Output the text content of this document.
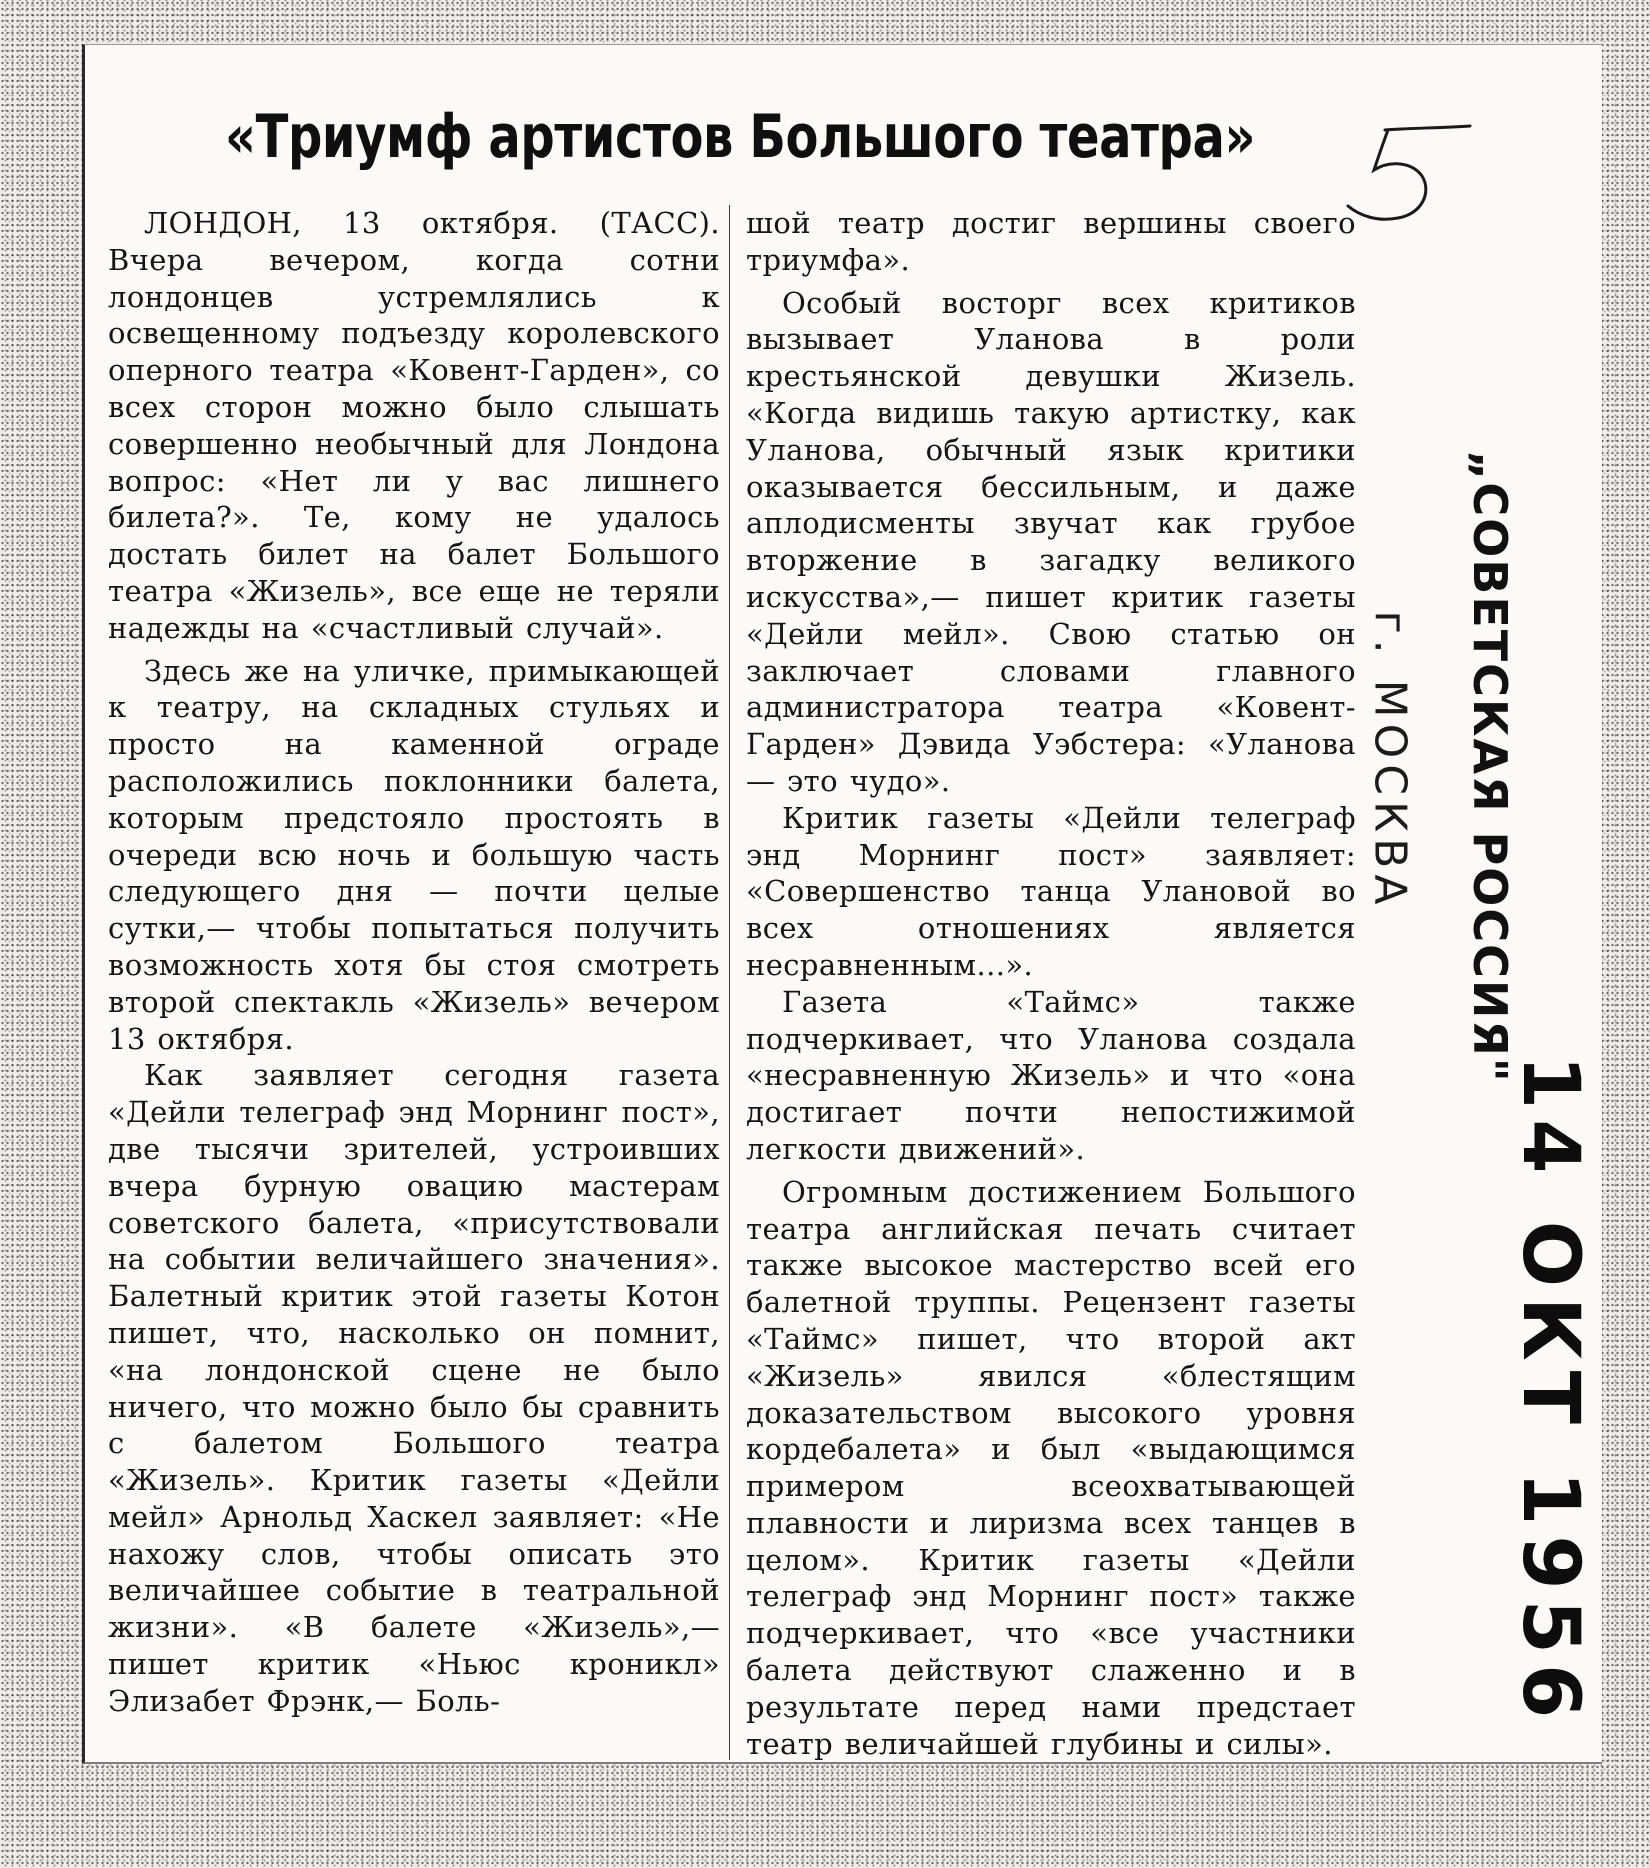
«Триумф артистов Большого театра»

ЛОНДОН, 13 октября. (ТАСС). Вчера вечером, когда сотни лондонцев устремлялись к освещенному подъезду королевского оперного театра «Ковент-Гарден», со всех сторон можно было слышать совершенно необычный для Лондона вопрос: «Нет ли у вас лишнего билета?». Те, кому не удалось достать билет на балет Большого театра «Жизель», все еще не теряли надежды на «счастливый случай».

Здесь же на уличке, примыкающей к театру, на складных стульях и просто на каменной ограде расположились поклонники балета, которым предстояло простоять в очереди всю ночь и большую часть следующего дня — почти целые сутки,— чтобы попытаться получить возможность хотя бы стоя смотреть второй спектакль «Жизель» вечером 13 октября.

Как заявляет сегодня газета «Дейли телеграф энд Морнинг пост», две тысячи зрителей, устроивших вчера бурную овацию мастерам советского балета, «присутствовали на событии величайшего значения». Балетный критик этой газеты Котон пишет, что, насколько он помнит, «на лондонской сцене не было ничего, что можно было бы сравнить с балетом Большого театра «Жизель». Критик газеты «Дейли мейл» Арнольд Хаскел заявляет: «Не нахожу слов, чтобы описать это величайшее событие в театральной жизни». «В балете «Жизель»,— пишет критик «Ньюс кроникл» Элизабет Фрэнк,— Боль-

шой театр достиг вершины своего триумфа».

Особый восторг всех критиков вызывает Уланова в роли крестьянской девушки Жизель. «Когда видишь такую артистку, как Уланова, обычный язык критики оказывается бессильным, и даже аплодисменты звучат как грубое вторжение в загадку великого искусства»,— пишет критик газеты «Дейли мейл». Свою статью он заключает словами главного администратора театра «Ковент-Гарден» Дэвида Уэбстера: «Уланова — это чудо».

Критик газеты «Дейли телеграф энд Морнинг пост» заявляет: «Совершенство танца Улановой во всех отношениях является несравненным...».

Газета «Таймс» также подчеркивает, что Уланова создала «несравненную Жизель» и что «она достигает почти непостижимой легкости движений».

Огромным достижением Большого театра английская печать считает также высокое мастерство всей его балетной труппы. Рецензент газеты «Таймс» пишет, что второй акт «Жизель» явился «блестящим доказательством высокого уровня кордебалета» и был «выдающимся примером всеохватывающей плавности и лиризма всех танцев в целом». Критик газеты «Дейли телеграф энд Морнинг пост» также подчеркивает, что «все участники балета действуют слаженно и в результате перед нами предстает театр величайшей глубины и силы».

„СОВЕТСКАЯ РОССИЯ"
г. МОСКВА
14 ОКТ 1956
